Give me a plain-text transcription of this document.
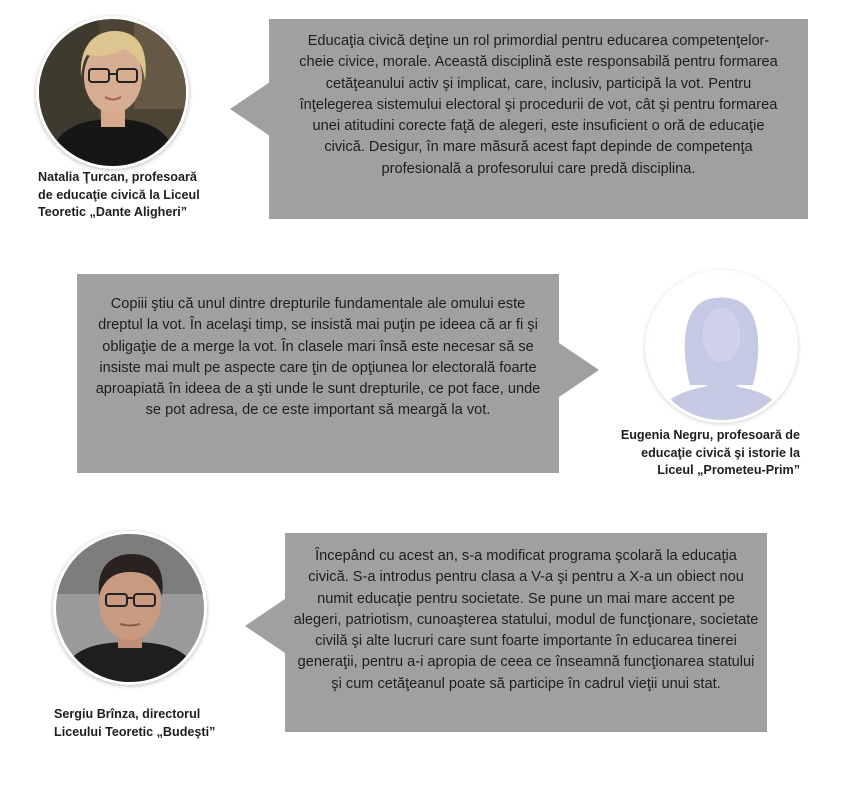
Natalia Ţurcan, profesoară de educaţie civică la Liceul Teoretic „Dante Aligheri”

Educaţia civică deţine un rol primordial pentru educarea competenţelor-cheie civice, morale. Această disciplină este responsabilă pentru formarea cetăţeanului activ şi implicat, care, inclusiv, participă la vot. Pentru înţelegerea sistemului electoral şi procedurii de vot, cât şi pentru formarea unei atitudini corecte faţă de alegeri, este insuficient o oră de educaţie civică. Desigur, în mare măsură acest fapt depinde de competenţa profesională a profesorului care predă disciplina.

Copiii ştiu că unul dintre drepturile fundamentale ale omului este dreptul la vot. În acelaşi timp, se insistă mai puţin pe ideea că ar fi şi obligaţie de a merge la vot. În clasele mari însă este necesar să se insiste mai mult pe aspecte care ţin de opţiunea lor electorală foarte aproapiată în ideea de a şti unde le sunt drepturile, ce pot face, unde se pot adresa, de ce este important să meargă la vot.

Eugenia Negru, profesoară de educaţie civică şi istorie la Liceul „Prometeu-Prim”

Sergiu Brînza, directorul Liceului Teoretic „Budeşti”

Începând cu acest an, s-a modificat programa şcolară la educaţia civică. S-a introdus pentru clasa a V-a şi pentru a X-a un obiect nou numit educaţie pentru societate. Se pune un mai mare accent pe alegeri, patriotism, cunoaşterea statului, modul de funcţionare, societate civilă şi alte lucruri care sunt foarte importante în educarea tinerei generaţii, pentru a-i apropia de ceea ce înseamnă funcţionarea statului şi cum cetăţeanul poate să participe în cadrul vieţii unui stat.
